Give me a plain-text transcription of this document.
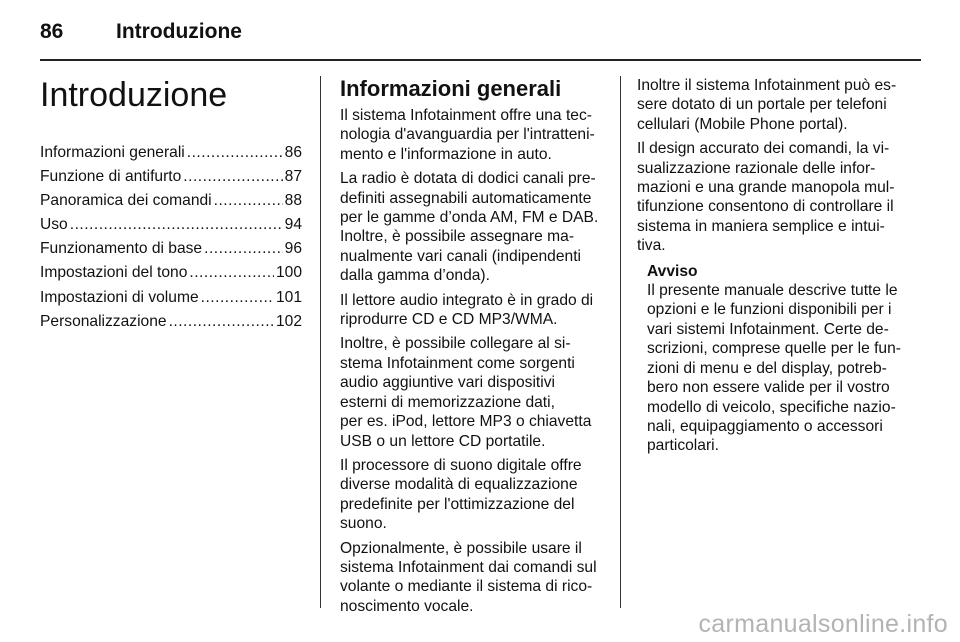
86	Introduzione
Introduzione
Informazioni generali .....	86
Funzione di antifurto .....	87
Panoramica dei comandi .....	88
Uso .....	94
Funzionamento di base .....	96
Impostazioni del tono .....	100
Impostazioni di volume .....	101
Personalizzazione .....	102
Informazioni generali
Il sistema Infotainment offre una tec-
nologia d'avanguardia per l'intratteni-
mento e l'informazione in auto.
La radio è dotata di dodici canali pre-
definiti assegnabili automaticamente
per le gamme d’onda AM, FM e DAB.
Inoltre, è possibile assegnare ma-
nualmente vari canali (indipendenti
dalla gamma d’onda).
Il lettore audio integrato è in grado di
riprodurre CD e CD MP3/WMA.
Inoltre, è possibile collegare al si-
stema Infotainment come sorgenti
audio aggiuntive vari dispositivi
esterni di memorizzazione dati,
per es. iPod, lettore MP3 o chiavetta
USB o un lettore CD portatile.
Il processore di suono digitale offre
diverse modalità di equalizzazione
predefinite per l'ottimizzazione del
suono.
Opzionalmente, è possibile usare il
sistema Infotainment dai comandi sul
volante o mediante il sistema di rico-
noscimento vocale.
Inoltre il sistema Infotainment può es-
sere dotato di un portale per telefoni
cellulari (Mobile Phone portal).
Il design accurato dei comandi, la vi-
sualizzazione razionale delle infor-
mazioni e una grande manopola mul-
tifunzione consentono di controllare il
sistema in maniera semplice e intui-
tiva.
Avviso
Il presente manuale descrive tutte le
opzioni e le funzioni disponibili per i
vari sistemi Infotainment. Certe de-
scrizioni, comprese quelle per le fun-
zioni di menu e del display, potreb-
bero non essere valide per il vostro
modello di veicolo, specifiche nazio-
nali, equipaggiamento o accessori
particolari.
carmanualsonline.info
